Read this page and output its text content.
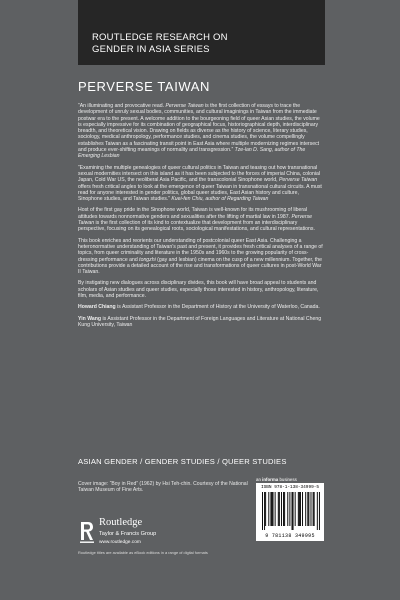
ROUTLEDGE RESEARCH ON
GENDER IN ASIA SERIES
PERVERSE TAIWAN

“An illuminating and provocative read. Perverse Taiwan is the first collection of essays to trace the development of unruly sexual bodies, communities, and cultural imaginings in Taiwan from the immediate postwar era to the present. A welcome addition to the bourgeoning field of queer Asian studies, the volume is especially impressive for its combination of geographical focus, historiographical depth, interdisciplinary breadth, and theoretical vision. Drawing on fields as diverse as the history of science, literary studies, sociology, medical anthropology, performance studies, and cinema studies, the volume compellingly establishes Taiwan as a fascinating transit point in East Asia where multiple modernizing regimes intersect and produce ever-shifting meanings of normality and transgression.” Tze-lan D. Sang, author of The Emerging Lesbian

“Examining the multiple genealogies of queer cultural politics in Taiwan and teasing out how transnational sexual modernities intersect on this island as it has been subjected to the forces of imperial China, colonial Japan, Cold War US, the neoliberal Asia Pacific, and the transcolonial Sinophone world, Perverse Taiwan offers fresh critical angles to look at the emergence of queer Taiwan in transnational cultural circuits. A must read for anyone interested in gender politics, global queer studies, East Asian history and culture, Sinophone studies, and Taiwan studies.” Kuei-fen Chiu, author of Regarding Taiwan

Host of the first gay pride in the Sinophone world, Taiwan is well-known for its mushrooming of liberal attitudes towards nonnormative genders and sexualities after the lifting of martial law in 1987. Perverse Taiwan is the first collection of its kind to contextualize that development from an interdisciplinary perspective, focusing on its genealogical roots, sociological manifestations, and cultural representations.

This book enriches and reorients our understanding of postcolonial queer East Asia. Challenging a heteronormative understanding of Taiwan’s past and present, it provides fresh critical analyses of a range of topics, from queer criminality and literature in the 1950s and 1960s to the growing popularity of cross-dressing performance and tongzhi (gay and lesbian) cinema on the cusp of a new millennium. Together, the contributions provide a detailed account of the rise and transformations of queer cultures in post-World War II Taiwan.

By instigating new dialogues across disciplinary divides, this book will have broad appeal to students and scholars of Asian studies and queer studies, especially those interested in history, anthropology, literature, film, media, and performance.

Howard Chiang is Assistant Professor in the Department of History at the University of Waterloo, Canada.

Yin Wang is Assistant Professor in the Department of Foreign Languages and Literature at National Cheng Kung University, Taiwan

ASIAN GENDER / GENDER STUDIES / QUEER STUDIES
an informa business
Cover image: “Boy in Red” (1962) by Hsi Teh-chin. Courtesy of the National Taiwan Museum of Fine Arts.	ISBN 978-1-138-34999-5
9 781138 349995
Routledge
Taylor & Francis Group
www.routledge.com
Routledge titles are available as eBook editions in a range of digital formats
